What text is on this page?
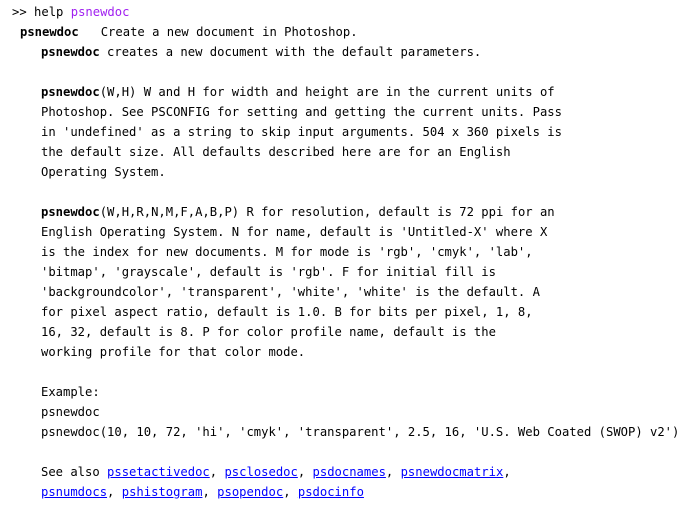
>> help psnewdoc
psnewdoc Create a new document in Photoshop.
psnewdoc creates a new document with the default parameters.
psnewdoc(W,H) W and H for width and height are in the current units of
Photoshop. See PSCONFIG for setting and getting the current units. Pass
in 'undefined' as a string to skip input arguments. 504 x 360 pixels is
the default size. All defaults described here are for an English
Operating System.
psnewdoc(W,H,R,N,M,F,A,B,P) R for resolution, default is 72 ppi for an
English Operating System. N for name, default is 'Untitled-X' where X
is the index for new documents. M for mode is 'rgb', 'cmyk', 'lab',
'bitmap', 'grayscale', default is 'rgb'. F for initial fill is
'backgroundcolor', 'transparent', 'white', 'white' is the default. A
for pixel aspect ratio, default is 1.0. B for bits per pixel, 1, 8,
16, 32, default is 8. P for color profile name, default is the
working profile for that color mode.
Example:
psnewdoc
psnewdoc(10, 10, 72, 'hi', 'cmyk', 'transparent', 2.5, 16, 'U.S. Web Coated (SWOP) v2')
See also pssetactivedoc, psclosedoc, psdocnames, psnewdocmatrix,
psnumdocs, pshistogram, psopendoc, psdocinfo
